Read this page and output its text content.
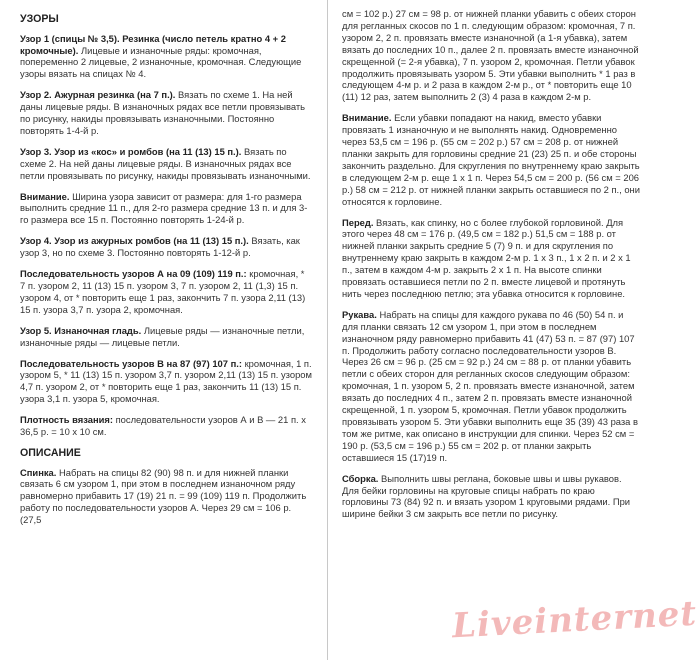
УЗОРЫ

Узор 1 (спицы № 3,5). Резинка (число петель кратно 4 + 2 кромочные). Лицевые и изнаночные ряды: кромочная, попеременно 2 лицевые, 2 изнаночные, кромочная. Следующие узоры вязать на спицах № 4.

Узор 2. Ажурная резинка (на 7 п.). Вязать по схеме 1. На ней даны лицевые ряды. В изнаночных рядах все петли провязывать по рисунку, накиды провязывать изнаночными. Постоянно повторять 1-4-й р.

Узор 3. Узор из «кос» и ромбов (на 11 (13) 15 п.). Вязать по схеме 2. На ней даны лицевые ряды. В изнаночных рядах все петли провязывать по рисунку, накиды провязывать изнаночными.

Внимание. Ширина узора зависит от размера: для 1-го размера выполнить средние 11 п., для 2-го размера средние 13 п. и для 3-го размера все 15 п. Постоянно повторять 1-24-й р.

Узор 4. Узор из ажурных ромбов (на 11 (13) 15 п.). Вязать, как узор 3, но по схеме 3. Постоянно повторять 1-12-й р.

Последовательность узоров А на 09 (109) 119 п.: кромочная, * 7 п. узором 2, 11 (13) 15 п. узором 3, 7 п. узором 2, 11 (1,3) 15 п. узором 4, от * повторить еще 1 раз, закончить 7 п. узора 2,11 (13) 15 п. узора 3,7 п. узора 2, кромочная.

Узор 5. Изнаночная гладь. Лицевые ряды — изнаночные петли, изнаночные ряды — лицевые петли.

Последовательность узоров В на 87 (97) 107 п.: кромочная, 1 п. узором 5, * 11 (13) 15 п. узором 3,7 п. узором 2,11 (13) 15 п. узором 4,7 п. узором 2, от * повторить еще 1 раз, закончить 11 (13) 15 п. узора 3,1 п. узора 5, кромочная.

Плотность вязания: последовательности узоров А и В — 21 п. x 36,5 р. = 10 x 10 см.

ОПИСАНИЕ

Спинка. Набрать на спицы 82 (90) 98 п. и для нижней планки связать 6 см узором 1, при этом в последнем изнаночном ряду равномерно прибавить 17 (19) 21 п. = 99 (109) 119 п. Продолжить работу по последовательности узоров А. Через 29 см = 106 р. (27,5

см = 102 р.) 27 см = 98 р. от нижней планки убавить с обеих сторон для регланных скосов по 1 п. следующим образом: кромочная, 7 п. узором 2, 2 п. провязать вместе изнаночной (а 1-я убавка), затем вязать до последних 10 п., далее 2 п. провязать вместе изнаночной скрещенной (= 2-я убавка), 7 п. узором 2, кромочная. Петли убавок продолжить провязывать узором 5. Эти убавки выполнить * 1 раз в следующем 4-м р. и 2 раза в каждом 2-м р., от * повторить еще 10 (11) 12 раз, затем выполнить 2 (3) 4 раза в каждом 2-м р.

Внимание. Если убавки попадают на накид, вместо убавки провязать 1 изнаночную и не выполнять накид. Одновременно через 53,5 см = 196 р. (55 см = 202 р.) 57 см = 208 р. от нижней планки закрыть для горловины средние 21 (23) 25 п. и обе стороны закончить раздельно. Для скругления по внутреннему краю закрыть в следующем 2-м р. еще 1 x 1 п. Через 54,5 см = 200 р. (56 см = 206 р.) 58 см = 212 р. от нижней планки закрыть оставшиеся по 2 п., они относятся к горловине.

Перед. Вязать, как спинку, но с более глубокой горловиной. Для этого через 48 см = 176 р. (49,5 см = 182 р.) 51,5 см = 188 р. от нижней планки закрыть средние 5 (7) 9 п. и для скругления по внутреннему краю закрыть в каждом 2-м р. 1 x 3 п., 1 x 2 п. и 2 x 1 п., затем в каждом 4-м р. закрыть 2 x 1 п. На высоте спинки провязать оставшиеся петли по 2 п. вместе лицевой и протянуть нить через последнюю петлю; эта убавка относится к горловине.

Рукава. Набрать на спицы для каждого рукава по 46 (50) 54 п. и для планки связать 12 см узором 1, при этом в последнем изнаночном ряду равномерно прибавить 41 (47) 53 п. = 87 (97) 107 п. Продолжить работу согласно последовательности узоров В. Через 26 см = 96 р. (25 см = 92 р.) 24 см = 88 р. от планки убавить петли с обеих сторон для регланных скосов следующим образом: кромочная, 1 п. узором 5, 2 п. провязать вместе изнаночной, затем вязать до последних 4 п., затем 2 п. провязать вместе изнаночной скрещенной, 1 п. узором 5, кромочная. Петли убавок продолжить провязывать узором 5. Эти убавки выполнить еще 35 (39) 43 раза в том же ритме, как описано в инструкции для спинки. Через 52 см = 190 р. (53,5 см = 196 р.) 55 см = 202 р. от планки закрыть оставшиеся 15 (17)19 п.

Сборка. Выполнить швы реглана, боковые швы и швы рукавов. Для бейки горловины на круговые спицы набрать по краю горловины 73 (84) 92 п. и вязать узором 1 круговыми рядами. При ширине бейки 3 см закрыть все петли по рисунку.

Liveinternet
